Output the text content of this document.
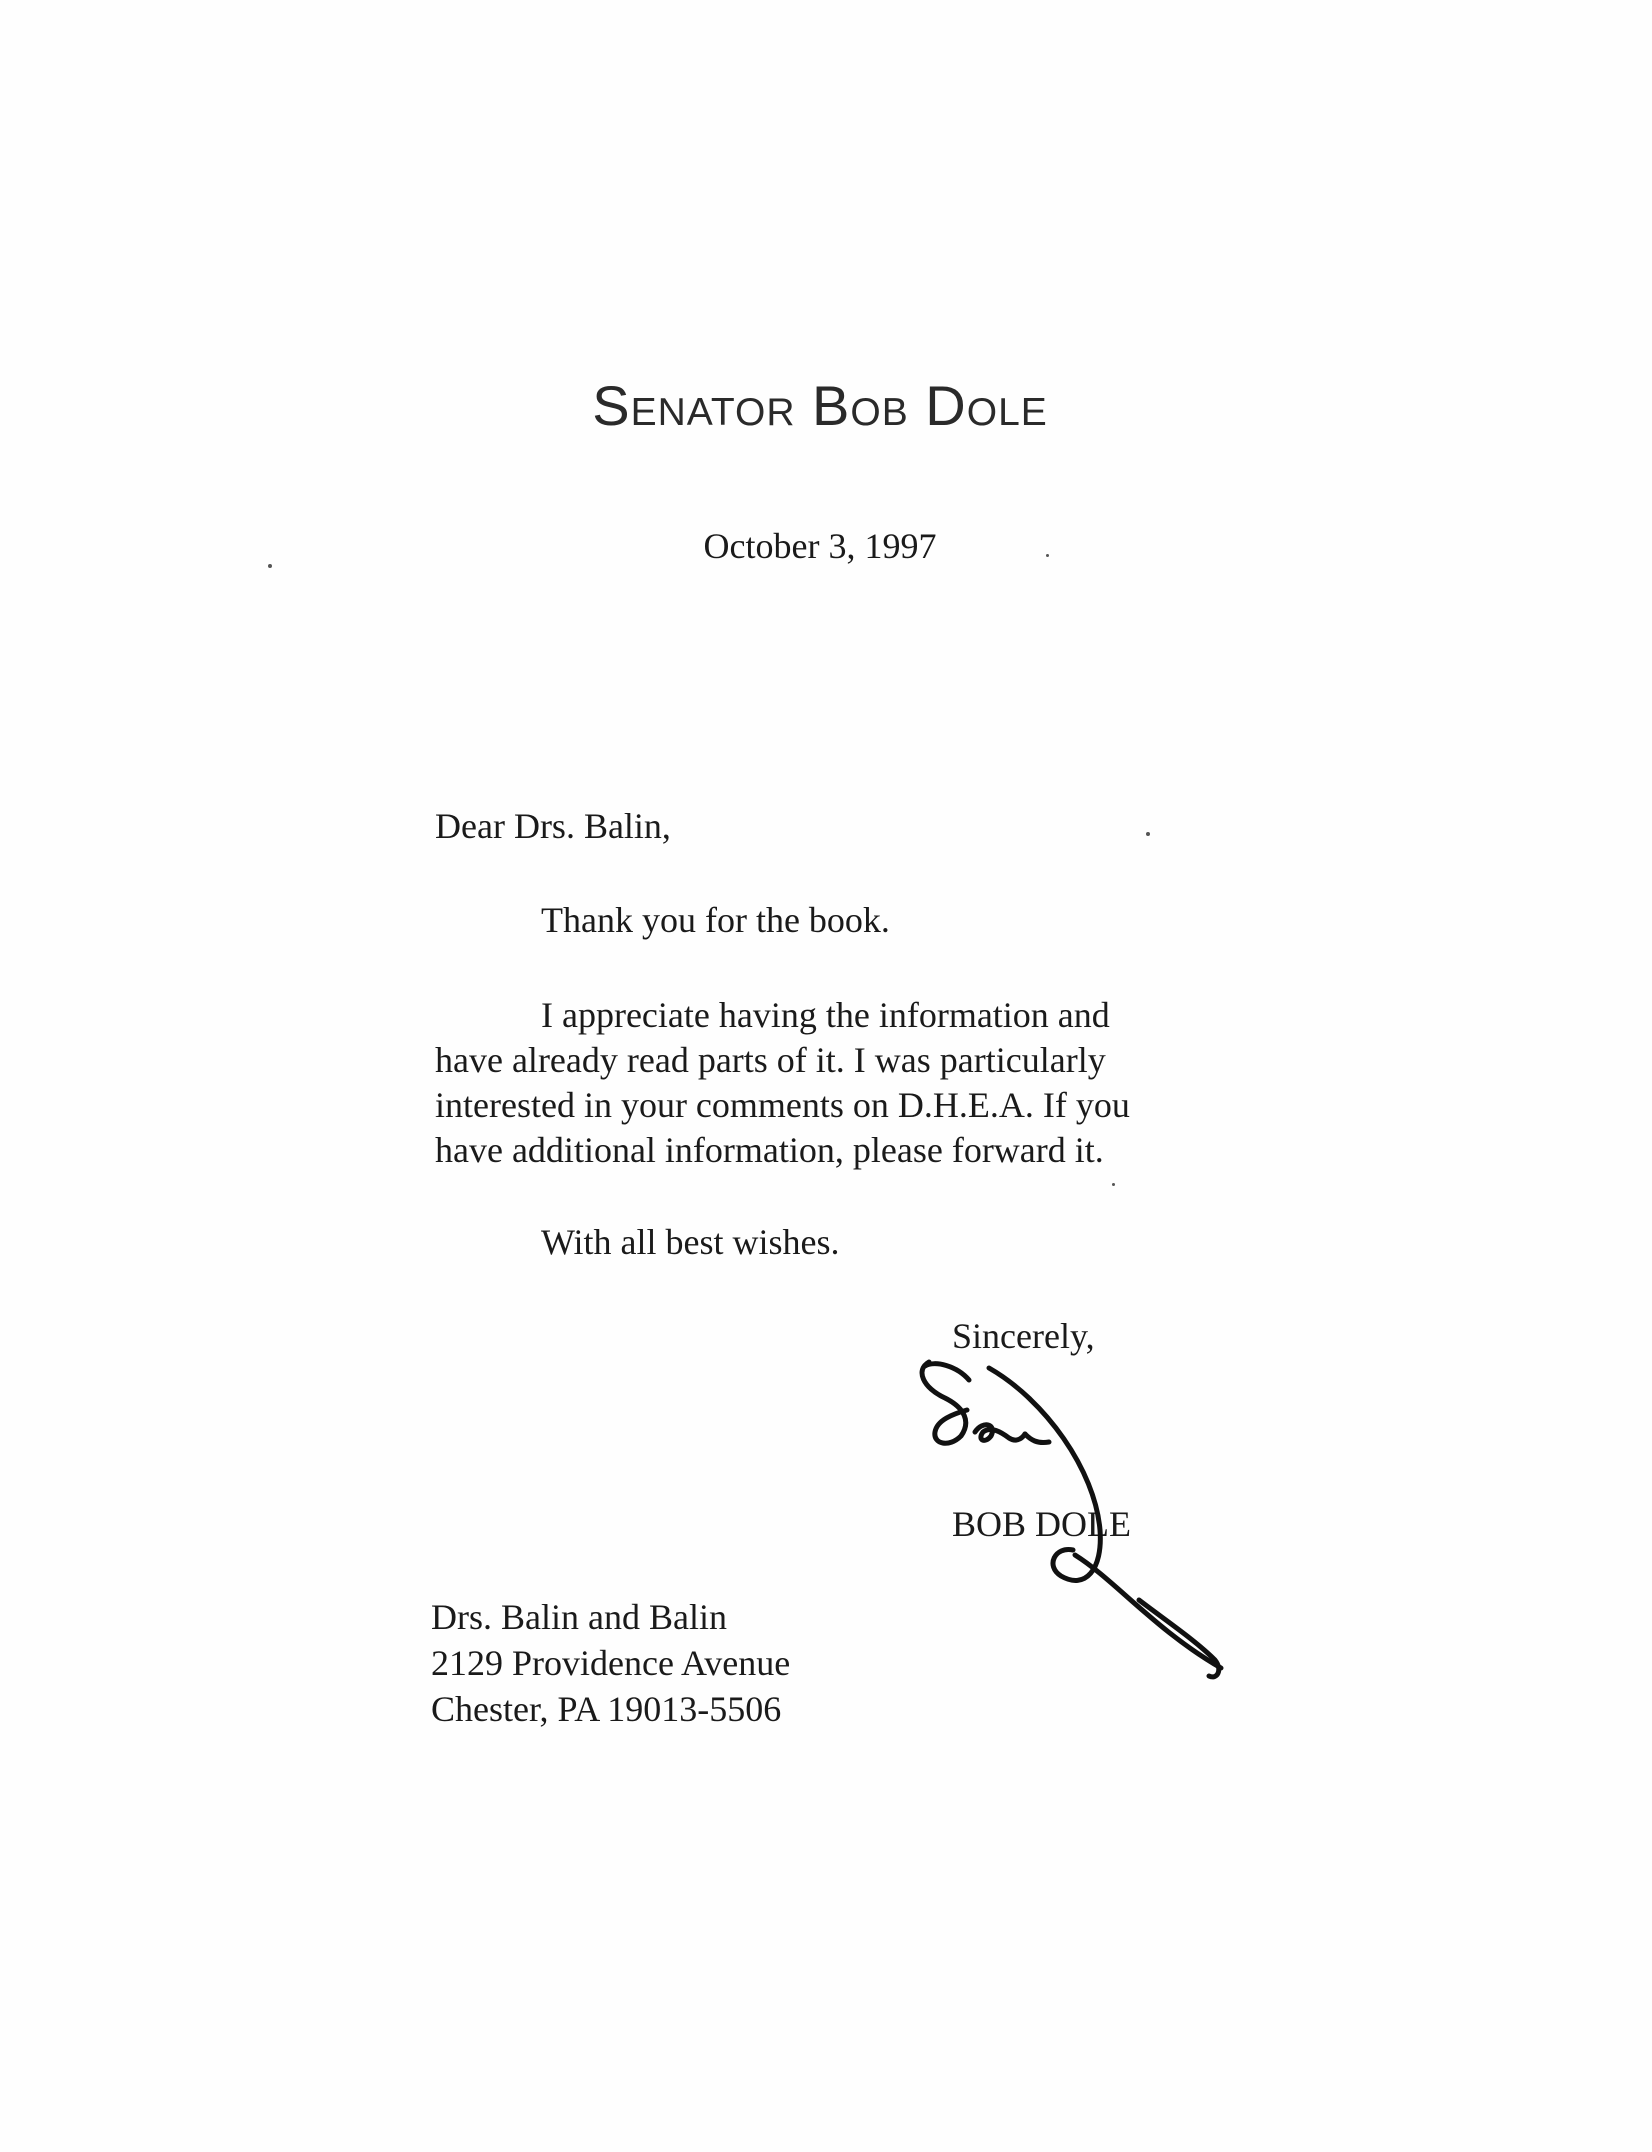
Senator Bob Dole
October 3, 1997
Dear Drs. Balin,
Thank you for the book.
I appreciate having the information and
have already read parts of it. I was particularly
interested in your comments on D.H.E.A. If you
have additional information, please forward it.
With all best wishes.
Sincerely,
BOB DOLE
Drs. Balin and Balin
2129 Providence Avenue
Chester, PA 19013-5506
